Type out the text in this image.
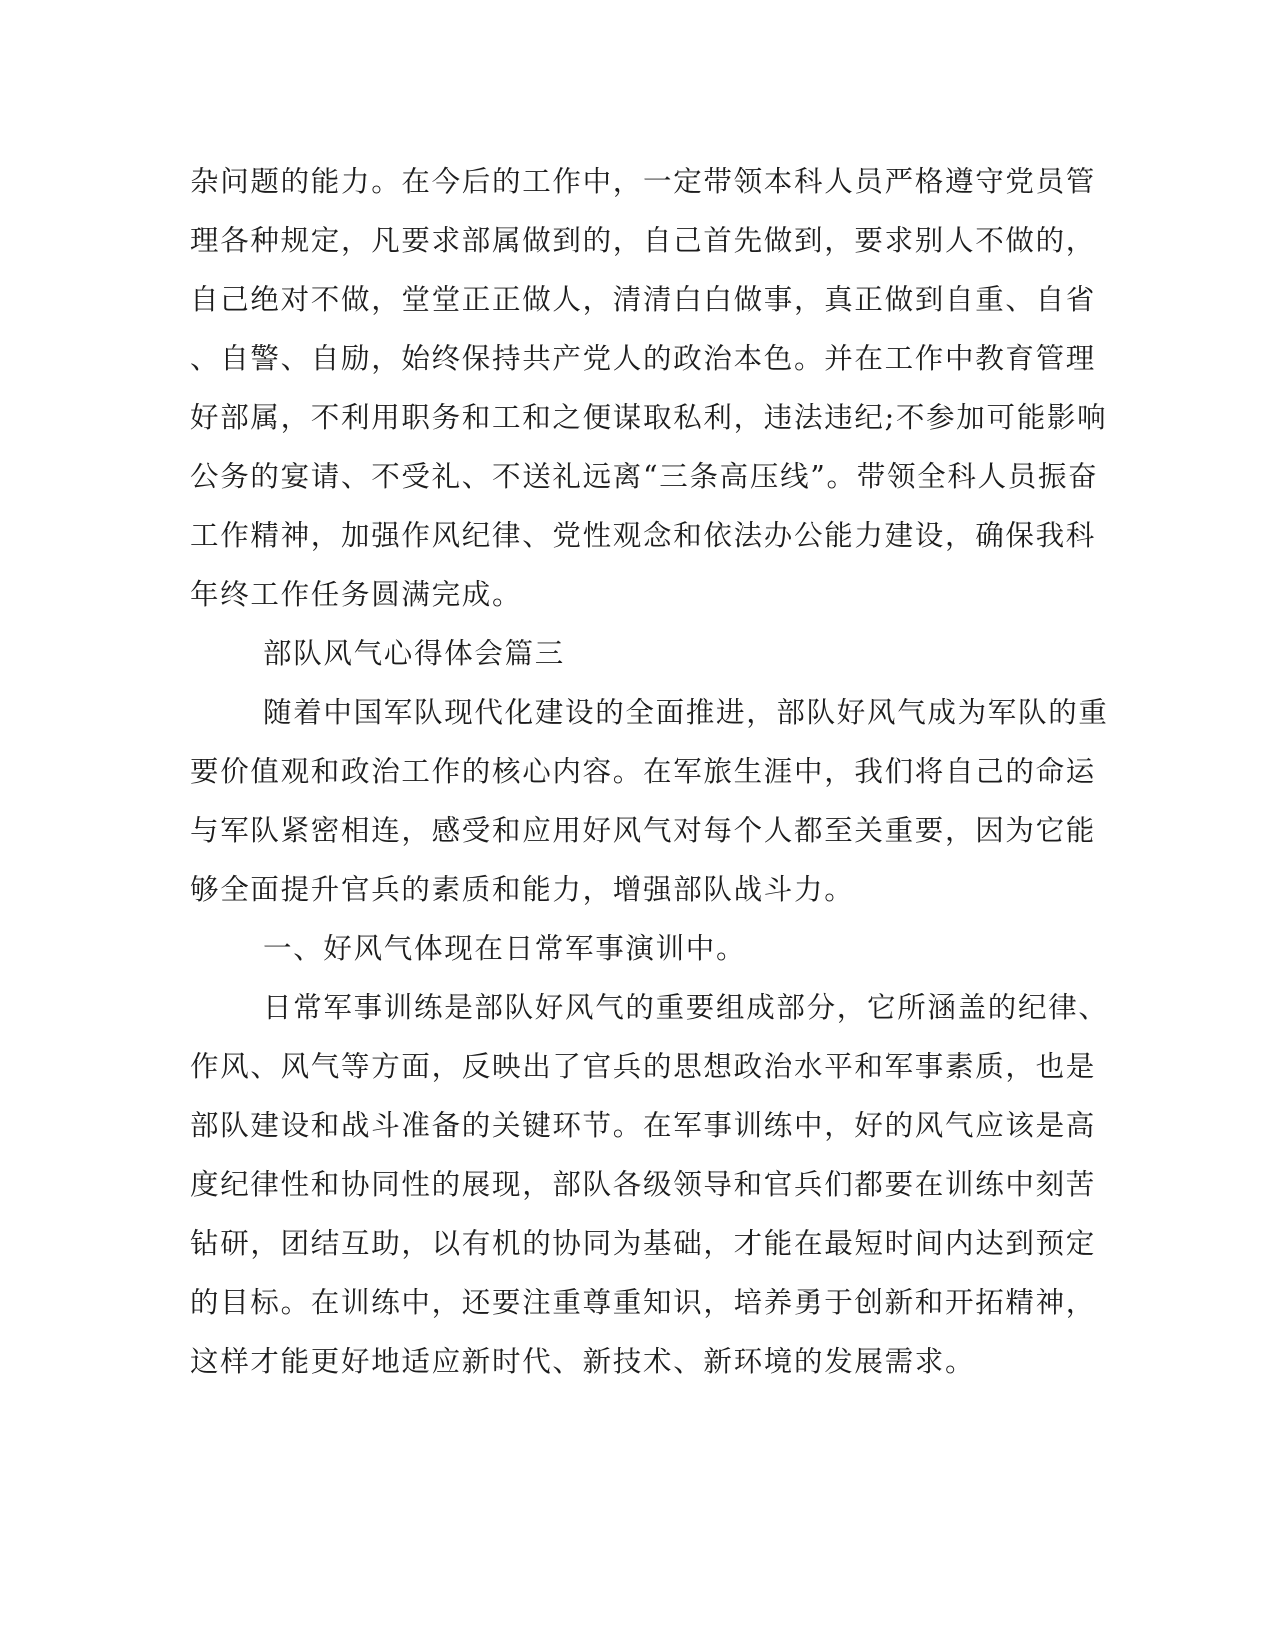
杂问题的能力。在今后的工作中，一定带领本科人员严格遵守党员管
理各种规定，凡要求部属做到的，自己首先做到，要求别人不做的，
自己绝对不做，堂堂正正做人，清清白白做事，真正做到自重、自省
、自警、自励，始终保持共产党人的政治本色。并在工作中教育管理
好部属，不利用职务和工和之便谋取私利，违法违纪;不参加可能影响
公务的宴请、不受礼、不送礼远离“三条高压线”。带领全科人员振奋
工作精神，加强作风纪律、党性观念和依法办公能力建设，确保我科
年终工作任务圆满完成。
部队风气心得体会篇三
随着中国军队现代化建设的全面推进，部队好风气成为军队的重
要价值观和政治工作的核心内容。在军旅生涯中，我们将自己的命运
与军队紧密相连，感受和应用好风气对每个人都至关重要，因为它能
够全面提升官兵的素质和能力，增强部队战斗力。
一、好风气体现在日常军事演训中。
日常军事训练是部队好风气的重要组成部分，它所涵盖的纪律、
作风、风气等方面，反映出了官兵的思想政治水平和军事素质，也是
部队建设和战斗准备的关键环节。在军事训练中，好的风气应该是高
度纪律性和协同性的展现，部队各级领导和官兵们都要在训练中刻苦
钻研，团结互助，以有机的协同为基础，才能在最短时间内达到预定
的目标。在训练中，还要注重尊重知识，培养勇于创新和开拓精神，
这样才能更好地适应新时代、新技术、新环境的发展需求。
